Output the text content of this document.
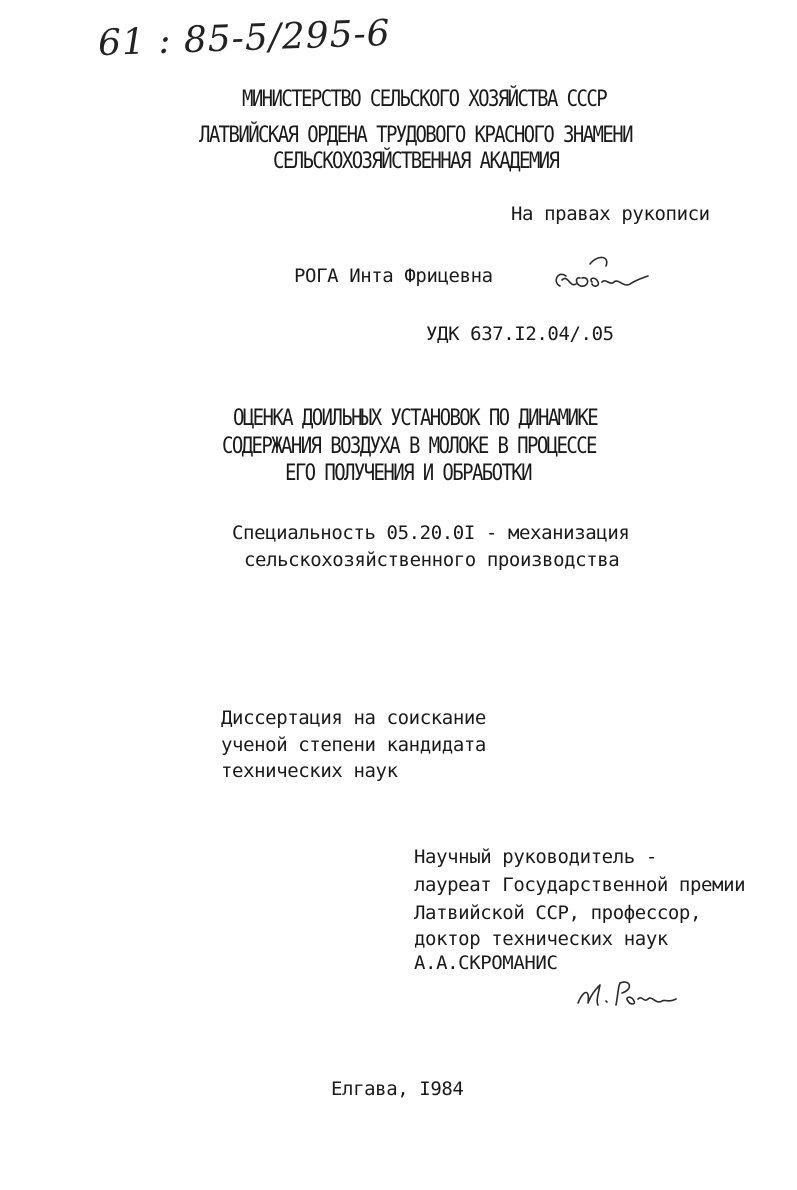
61 : 85-5/295-6
МИНИСТЕРСТВО СЕЛЬСКОГО ХОЗЯЙСТВА СССР
ЛАТВИЙСКАЯ ОРДЕНА ТРУДОВОГО КРАСНОГО ЗНАМЕНИ
СЕЛЬСКОХОЗЯЙСТВЕННАЯ АКАДЕМИЯ
На правах рукописи
РОГА Инта Фрицевна
УДК 637.I2.04/.05
ОЦЕНКА ДОИЛЬНЫХ УСТАНОВОК ПО ДИНАМИКЕ
СОДЕРЖАНИЯ ВОЗДУХА В МОЛОКЕ В ПРОЦЕССЕ
ЕГО ПОЛУЧЕНИЯ И ОБРАБОТКИ
Специальность 05.20.0I - механизация
сельскохозяйственного производства
Диссертация на соискание
ученой степени кандидата
технических наук
Научный руководитель -
лауреат Государственной премии
Латвийской ССР, профессор,
доктор технических наук
А.А.СКРОМАНИС
Елгава, I984
